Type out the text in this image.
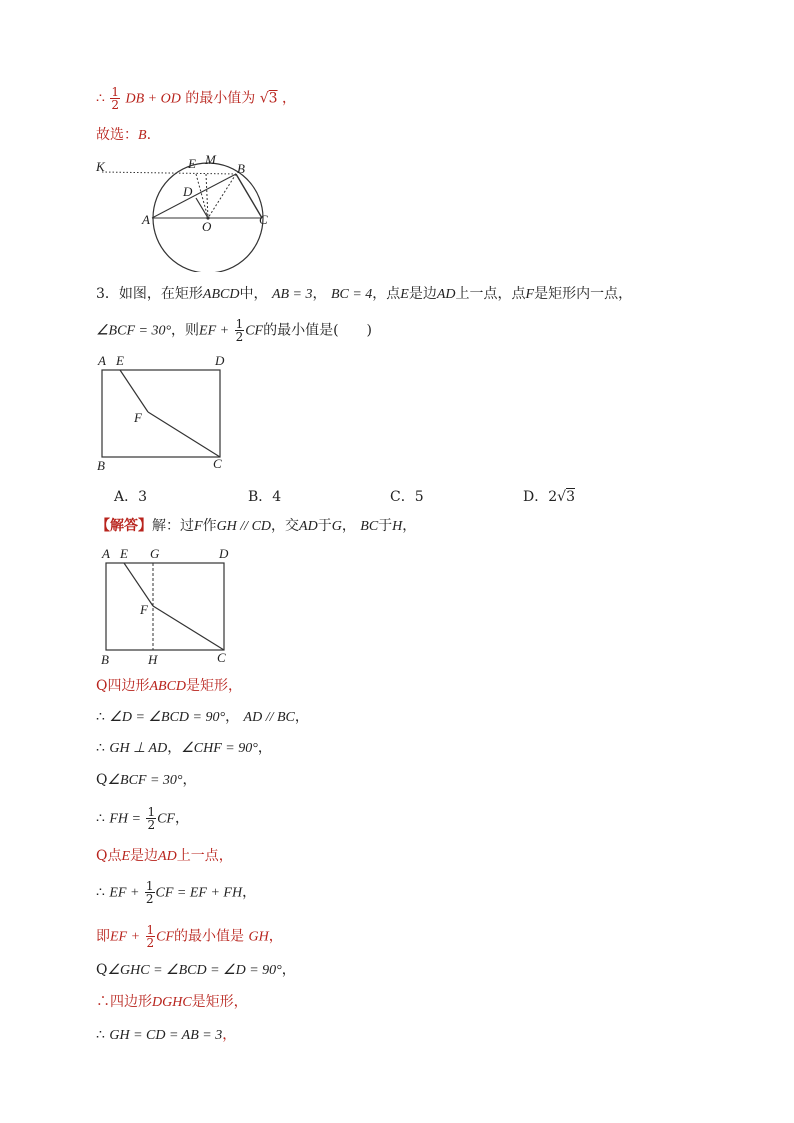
∴ $\frac{1}{2}$ DB + OD 的最小值为 √3 ，
故选：B.
K	E M
B
D
A	O	C
3．如图，在矩形ABCD中， AB = 3， BC = 4，点E是边AD上一点，点F是矩形内一点，
∠BCF = 30°，则EF + $\frac{1}{2}$ CF的最小值是(　　)
A E	D
F
B	C
A．3	B．4	C．5	D．2√3
【解答】解：过F作GH // CD，交AD于G， BC于H，
A E G	D
F
B	H	C
Q四边形ABCD是矩形，
∴ ∠D = ∠BCD = 90°， AD // BC，
∴ GH ⊥ AD，∠CHF = 90°，
Q∠BCF = 30°，
∴ FH = $\frac{1}{2}$ CF，
Q点E是边AD上一点，
∴ EF + $\frac{1}{2}$ CF = EF + FH，
即EF + $\frac{1}{2}$ CF的最小值是 GH，
Q∠GHC = ∠BCD = ∠D = 90°，
∴四边形DGHC是矩形，
∴ GH = CD = AB = 3，
